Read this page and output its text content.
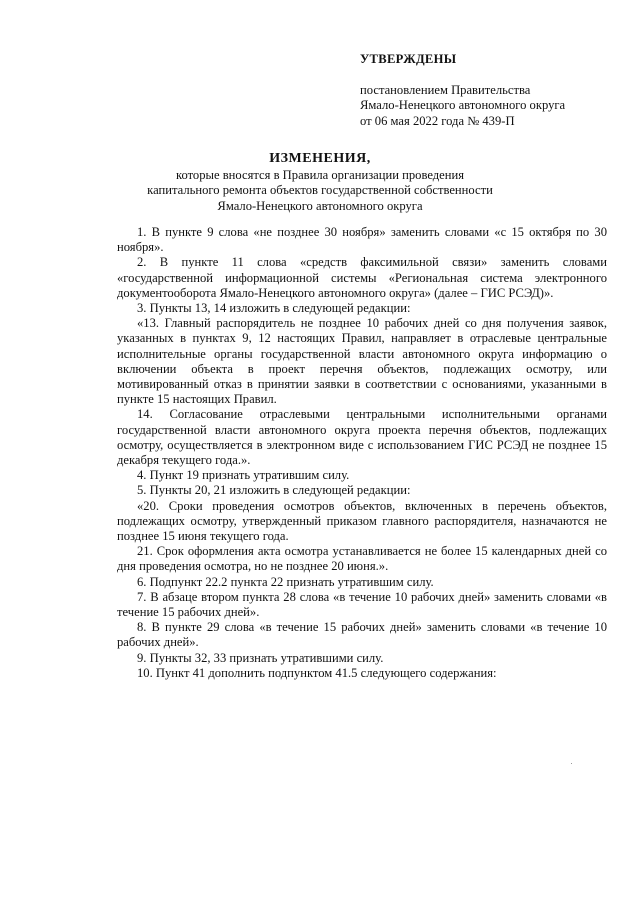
УТВЕРЖДЕНЫ
постановлением Правительства
Ямало-Ненецкого автономного округа
от 06 мая 2022 года № 439-П
ИЗМЕНЕНИЯ,
которые вносятся в Правила организации проведения
капитального ремонта объектов государственной собственности
Ямало-Ненецкого автономного округа

1. В пункте 9 слова «не позднее 30 ноября» заменить словами «с 15 октября по 30 ноября».

2. В пункте 11 слова «средств факсимильной связи» заменить словами «государственной информационной системы «Региональная система электронного документооборота Ямало-Ненецкого автономного округа» (далее – ГИС РСЭД)».

3. Пункты 13, 14 изложить в следующей редакции:

«13. Главный распорядитель не позднее 10 рабочих дней со дня получения заявок, указанных в пунктах 9, 12 настоящих Правил, направляет в отраслевые центральные исполнительные органы государственной власти автономного округа информацию о включении объекта в проект перечня объектов, подлежащих осмотру, или мотивированный отказ в принятии заявки в соответствии с основаниями, указанными в пункте 15 настоящих Правил.

14. Согласование отраслевыми центральными исполнительными органами государственной власти автономного округа проекта перечня объектов, подлежащих осмотру, осуществляется в электронном виде с использованием ГИС РСЭД не позднее 15 декабря текущего года.».

4. Пункт 19 признать утратившим силу.

5. Пункты 20, 21 изложить в следующей редакции:

«20. Сроки проведения осмотров объектов, включенных в перечень объектов, подлежащих осмотру, утвержденный приказом главного распорядителя, назначаются не позднее 15 июня текущего года.

21. Срок оформления акта осмотра устанавливается не более 15 календарных дней со дня проведения осмотра, но не позднее 20 июня.».

6. Подпункт 22.2 пункта 22 признать утратившим силу.

7. В абзаце втором пункта 28 слова «в течение 10 рабочих дней» заменить словами «в течение 15 рабочих дней».

8. В пункте 29 слова «в течение 15 рабочих дней» заменить словами «в течение 10 рабочих дней».

9. Пункты 32, 33 признать утратившими силу.

10. Пункт 41 дополнить подпунктом 41.5 следующего содержания:
